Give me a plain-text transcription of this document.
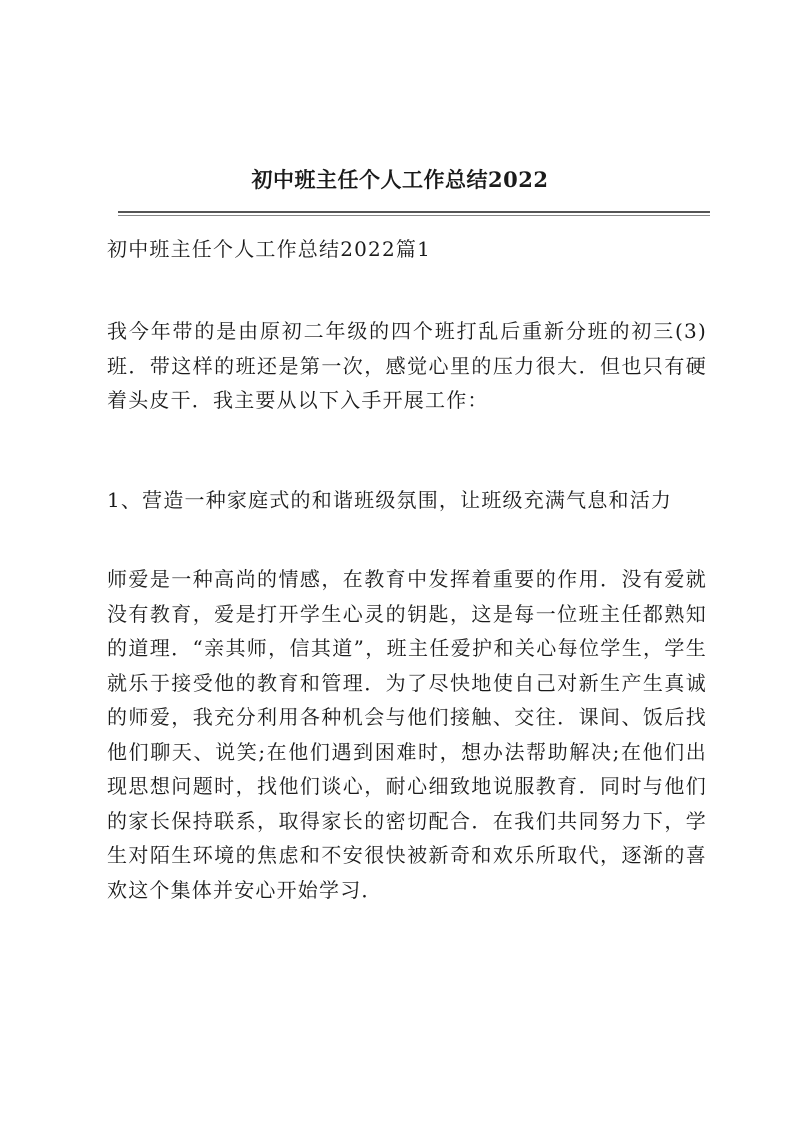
初中班主任个人工作总结2022
初中班主任个人工作总结2022篇1
我今年带的是由原初二年级的四个班打乱后重新分班的初三(3)班．带这样的班还是第一次，感觉心里的压力很大．但也只有硬着头皮干．我主要从以下入手开展工作：
1、营造一种家庭式的和谐班级氛围，让班级充满气息和活力
师爱是一种高尚的情感，在教育中发挥着重要的作用．没有爱就没有教育，爱是打开学生心灵的钥匙，这是每一位班主任都熟知的道理．“亲其师，信其道”，班主任爱护和关心每位学生，学生就乐于接受他的教育和管理．为了尽快地使自己对新生产生真诚的师爱，我充分利用各种机会与他们接触、交往．课间、饭后找他们聊天、说笑;在他们遇到困难时，想办法帮助解决;在他们出现思想问题时，找他们谈心，耐心细致地说服教育．同时与他们的家长保持联系，取得家长的密切配合．在我们共同努力下，学生对陌生环境的焦虑和不安很快被新奇和欢乐所取代，逐渐的喜欢这个集体并安心开始学习．
